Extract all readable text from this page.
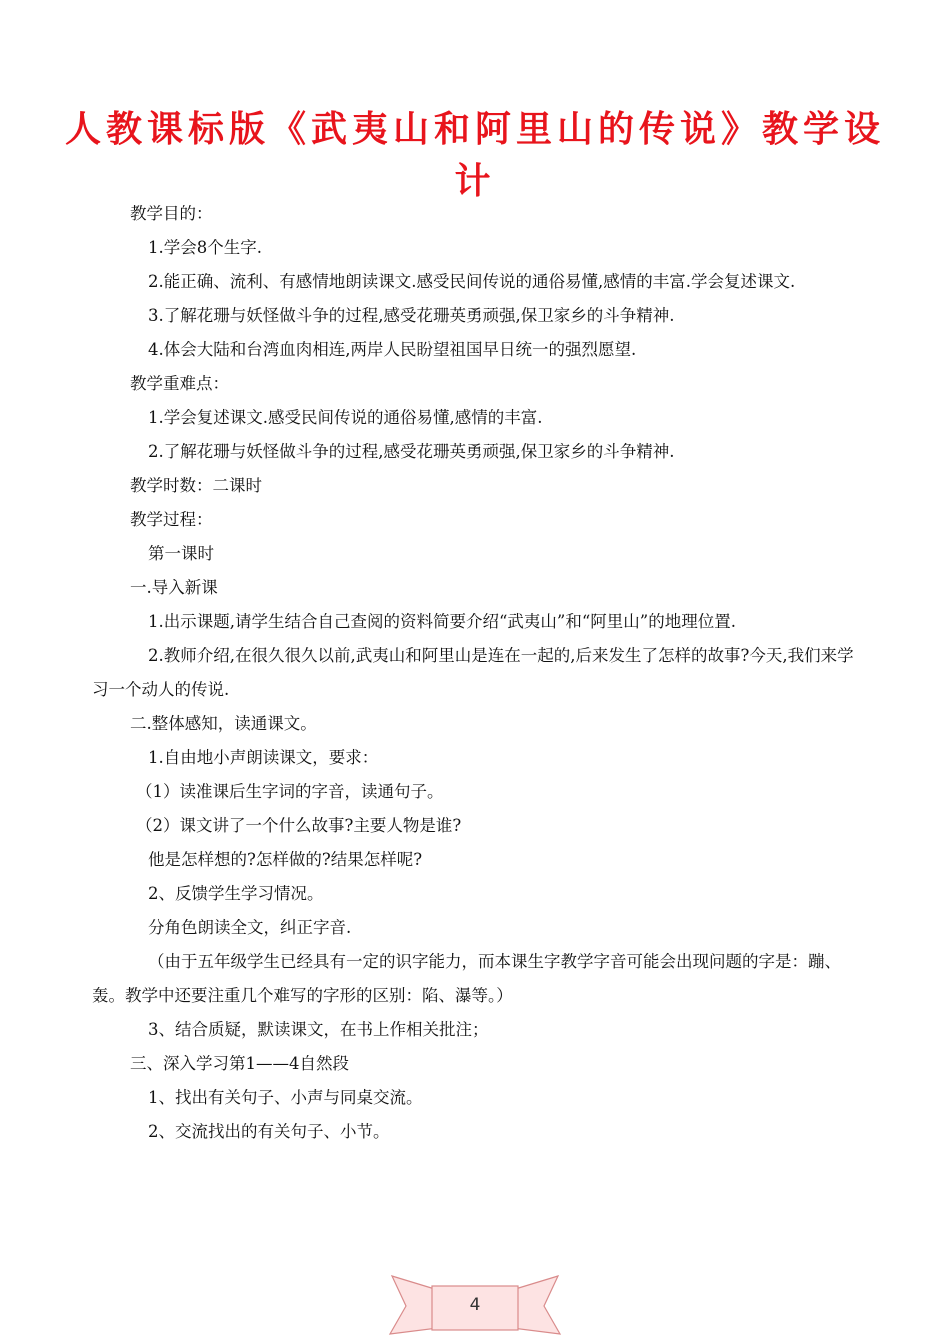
人教课标版《武夷山和阿里山的传说》教学设计

教学目的：

1.学会8个生字.

2.能正确、流利、有感情地朗读课文.感受民间传说的通俗易懂,感情的丰富.学会复述课文.

3.了解花珊与妖怪做斗争的过程,感受花珊英勇顽强,保卫家乡的斗争精神.

4.体会大陆和台湾血肉相连,两岸人民盼望祖国早日统一的强烈愿望.

教学重难点：

1.学会复述课文.感受民间传说的通俗易懂,感情的丰富.

2.了解花珊与妖怪做斗争的过程,感受花珊英勇顽强,保卫家乡的斗争精神.

教学时数：二课时

教学过程：

第一课时

一.导入新课

1.出示课题,请学生结合自己查阅的资料简要介绍“武夷山”和“阿里山”的地理位置.

2.教师介绍,在很久很久以前,武夷山和阿里山是连在一起的,后来发生了怎样的故事?今天,我们来学习一个动人的传说.

二.整体感知，读通课文。

1.自由地小声朗读课文，要求：

（1）读准课后生字词的字音，读通句子。

（2）课文讲了一个什么故事?主要人物是谁?

他是怎样想的?怎样做的?结果怎样呢?

2、反馈学生学习情况。

分角色朗读全文，纠正字音.

（由于五年级学生已经具有一定的识字能力，而本课生字教学字音可能会出现问题的字是：蹦、轰。教学中还要注重几个难写的字形的区别：陷、瀑等。）

3、结合质疑，默读课文，在书上作相关批注；

三、深入学习第1——4自然段

1、找出有关句子、小声与同桌交流。

2、交流找出的有关句子、小节。

4
